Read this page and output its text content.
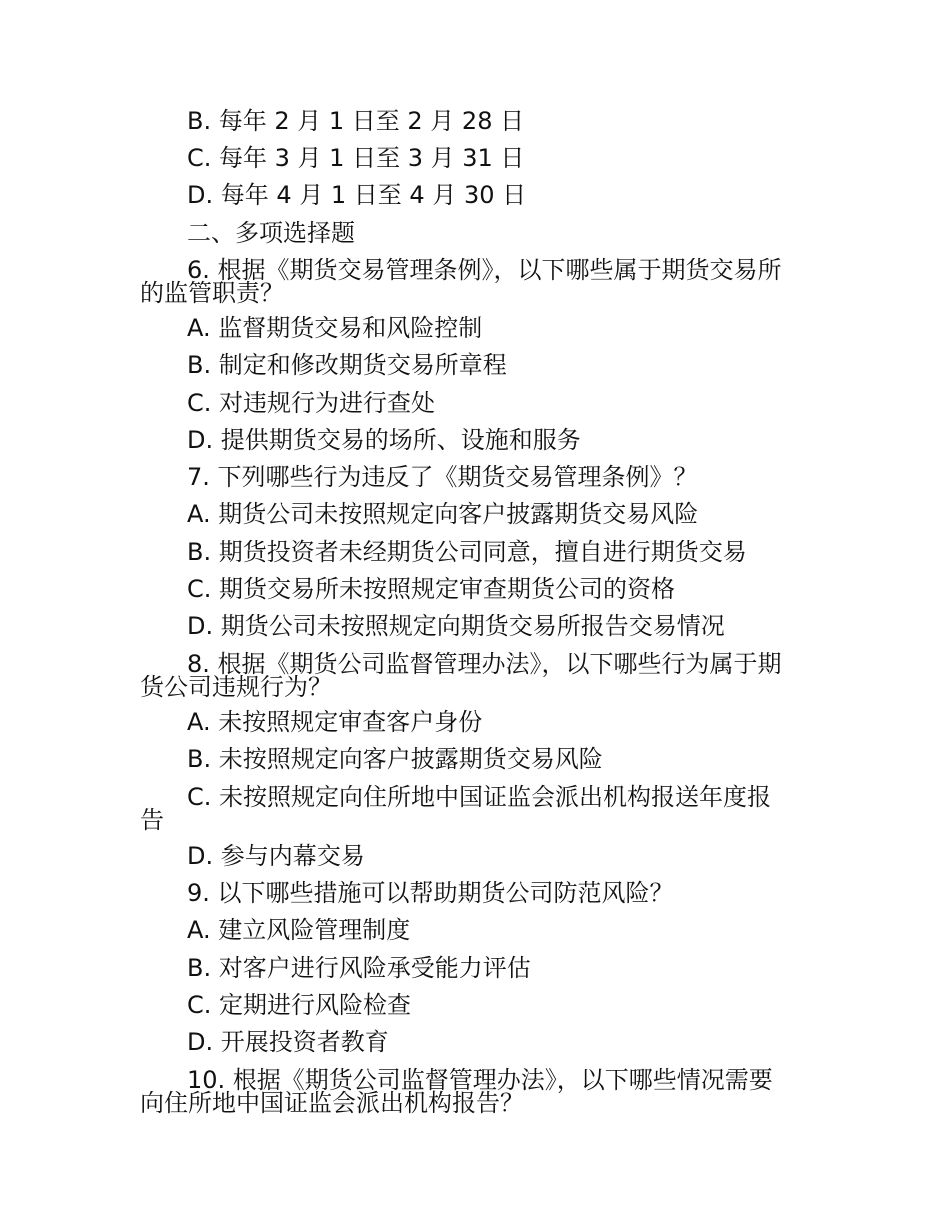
B. 每年 2 月 1 日至 2 月 28 日
C. 每年 3 月 1 日至 3 月 31 日
D. 每年 4 月 1 日至 4 月 30 日
二、多项选择题
6. 根据《期货交易管理条例》，以下哪些属于期货交易所
的监管职责？
A. 监督期货交易和风险控制
B. 制定和修改期货交易所章程
C. 对违规行为进行查处
D. 提供期货交易的场所、设施和服务
7. 下列哪些行为违反了《期货交易管理条例》？
A. 期货公司未按照规定向客户披露期货交易风险
B. 期货投资者未经期货公司同意，擅自进行期货交易
C. 期货交易所未按照规定审查期货公司的资格
D. 期货公司未按照规定向期货交易所报告交易情况
8. 根据《期货公司监督管理办法》，以下哪些行为属于期
货公司违规行为？
A. 未按照规定审查客户身份
B. 未按照规定向客户披露期货交易风险
C. 未按照规定向住所地中国证监会派出机构报送年度报
告
D. 参与内幕交易
9. 以下哪些措施可以帮助期货公司防范风险？
A. 建立风险管理制度
B. 对客户进行风险承受能力评估
C. 定期进行风险检查
D. 开展投资者教育
10. 根据《期货公司监督管理办法》，以下哪些情况需要
向住所地中国证监会派出机构报告？
